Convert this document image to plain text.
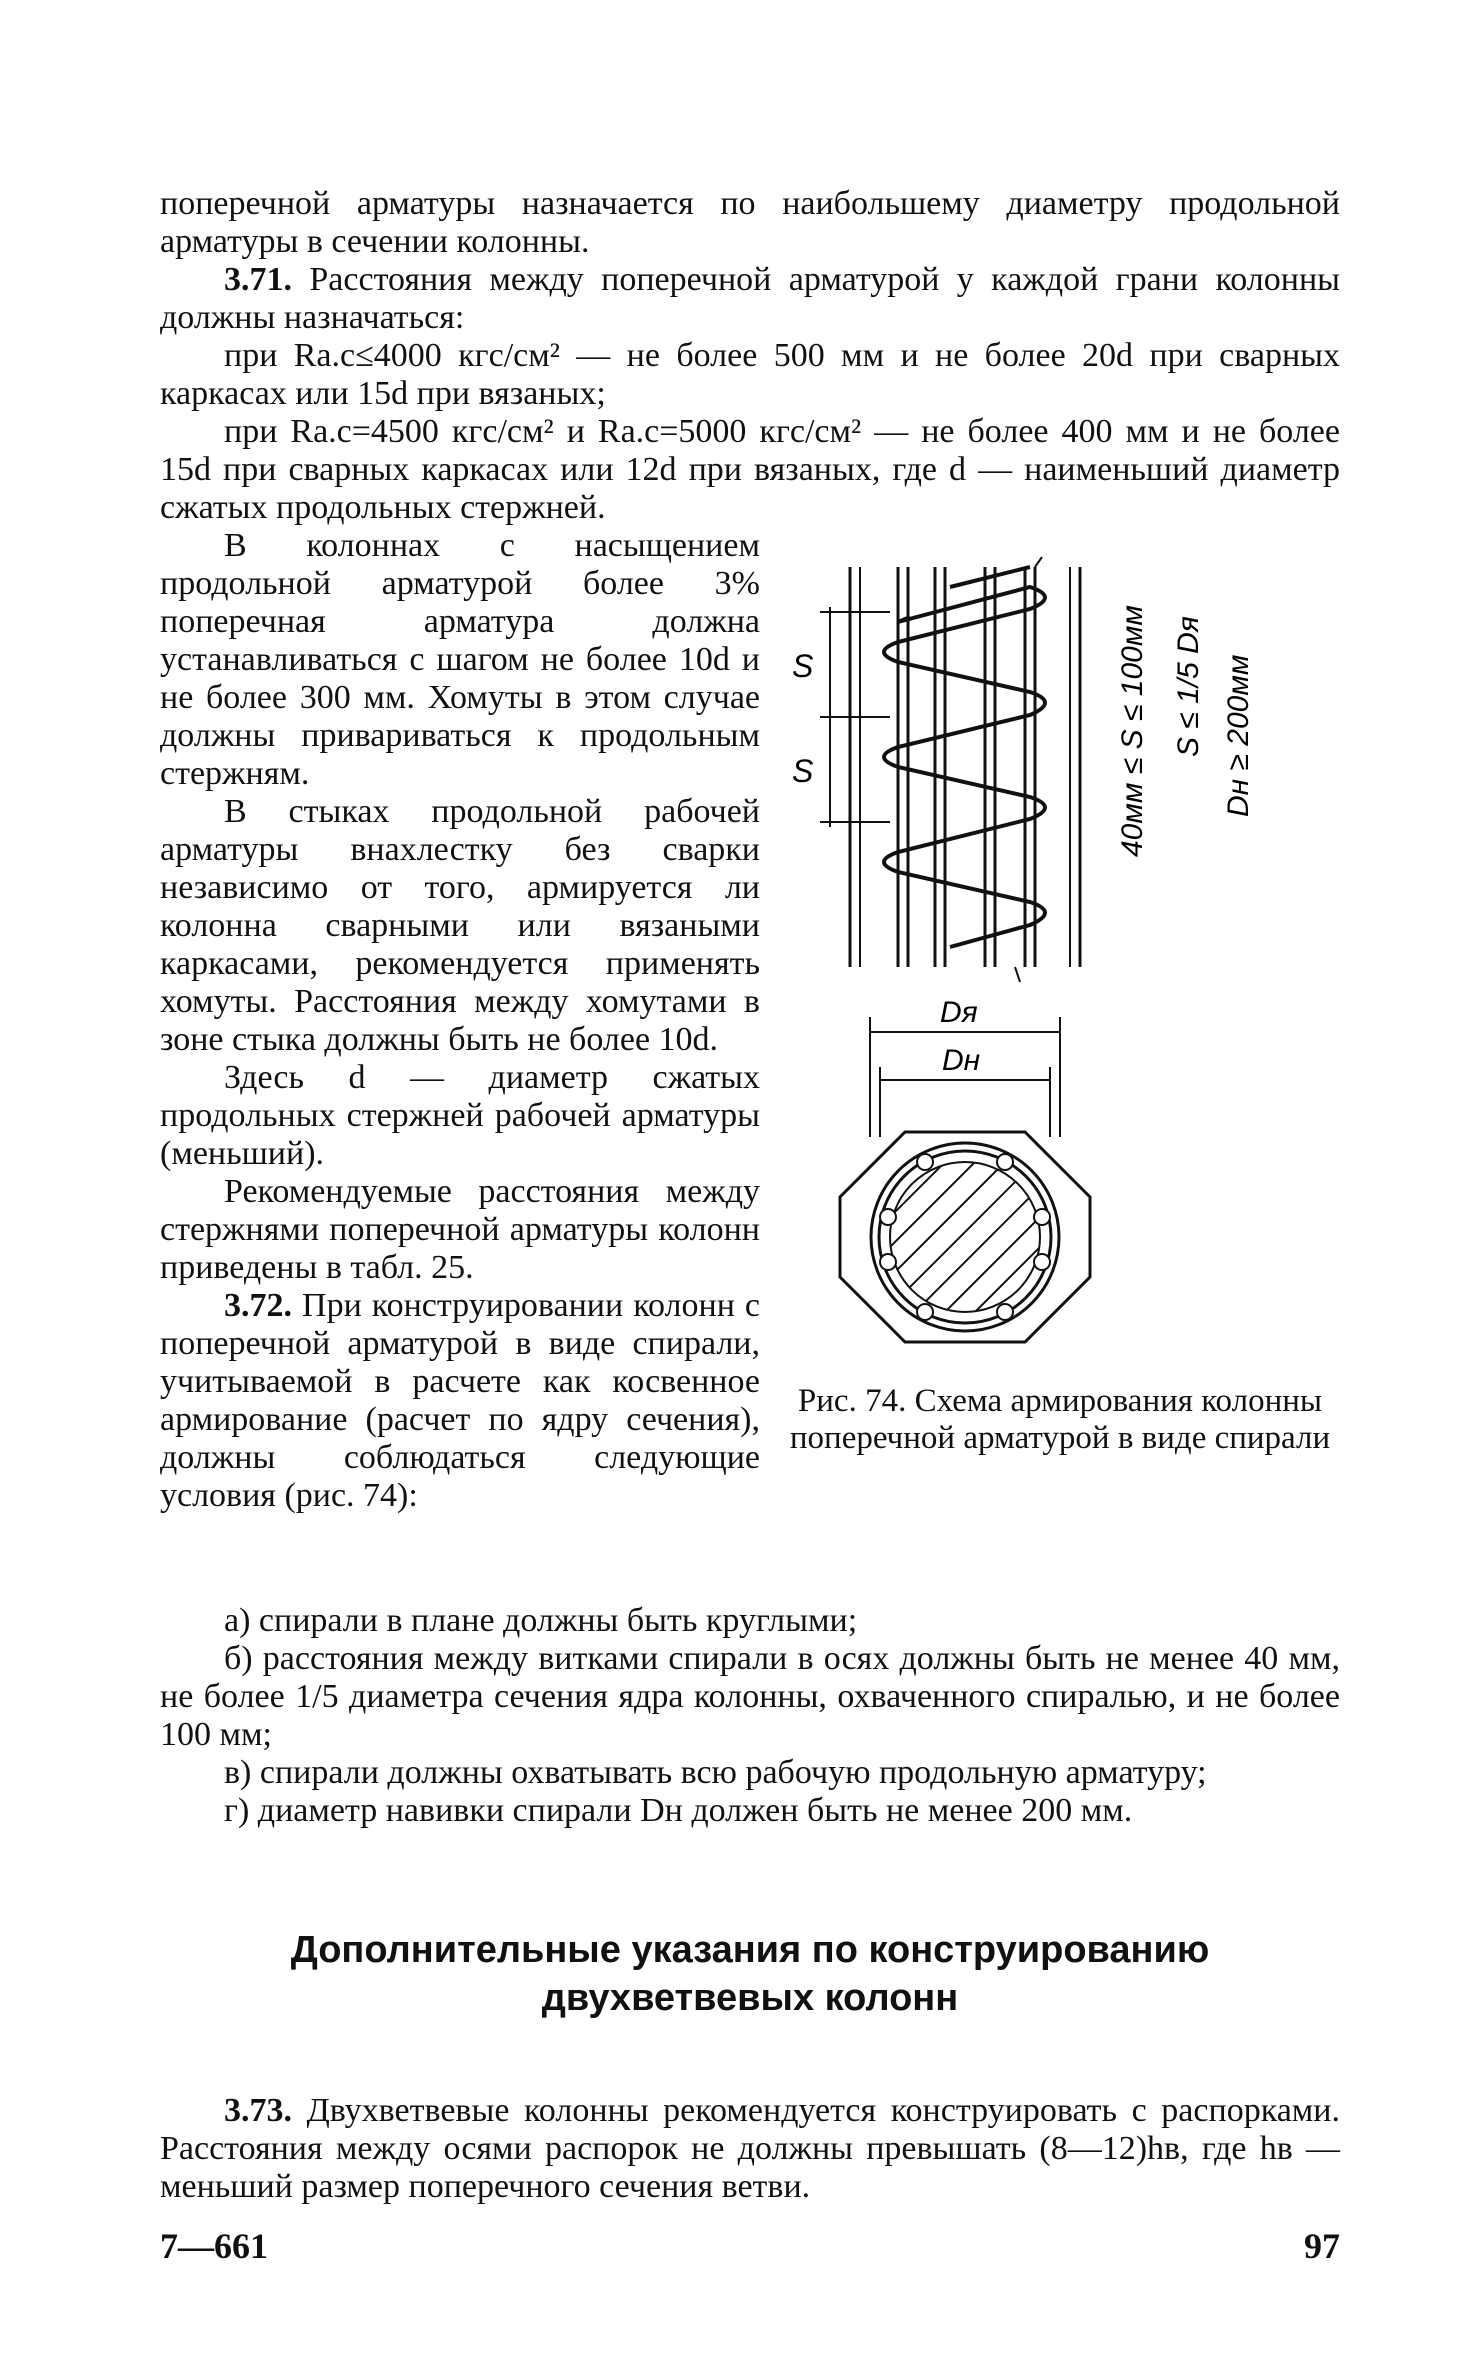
поперечной арматуры назначается по наибольшему диаметру продольной арматуры в сечении колонны.

3.71. Расстояния между поперечной арматурой у каждой грани колонны должны назначаться:

при Rа.с≤4000 кгс/см² — не более 500 мм и не более 20d при сварных каркасах или 15d при вязаных;

при Rа.с=4500 кгс/см² и Rа.с=5000 кгс/см² — не более 400 мм и не более 15d при сварных каркасах или 12d при вязаных, где d — наименьший диаметр сжатых продольных стержней.

В колоннах с насыщением продольной арматурой более 3% поперечная арматура должна устанавливаться с шагом не более 10d и не более 300 мм. Хомуты в этом случае должны привариваться к продольным стержням.

В стыках продольной рабочей арматуры внахлестку без сварки независимо от того, армируется ли колонна сварными или вязаными каркасами, рекомендуется применять хомуты. Расстояния между хомутами в зоне стыка должны быть не более 10d.

Здесь d — диаметр сжатых продольных стержней рабочей арматуры (меньший).

Рекомендуемые расстояния между стержнями поперечной арматуры колонн приведены в табл. 25.

3.72. При конструировании колонн с поперечной арматурой в виде спирали, учитываемой в расчете как косвенное армирование (расчет по ядру сечения), должны соблюдаться следующие условия (рис. 74):

S
S	40мм ≤ S ≤ 100мм S ≤ 1/5 Dя Dн ≥ 200мм
Dя
Dн
Рис. 74. Схема армирования колонны поперечной арматурой в виде спирали

а) спирали в плане должны быть круглыми;

б) расстояния между витками спирали в осях должны быть не менее 40 мм, не более 1/5 диаметра сечения ядра колонны, охваченного спиралью, и не более 100 мм;

в) спирали должны охватывать всю рабочую продольную арматуру;

г) диаметр навивки спирали Dн должен быть не менее 200 мм.

Дополнительные указания по конструированию двухветвевых колонн

3.73. Двухветвевые колонны рекомендуется конструировать с распорками. Расстояния между осями распорок не должны превышать (8—12)hв, где hв — меньший размер поперечного сечения ветви.

7—661	97
